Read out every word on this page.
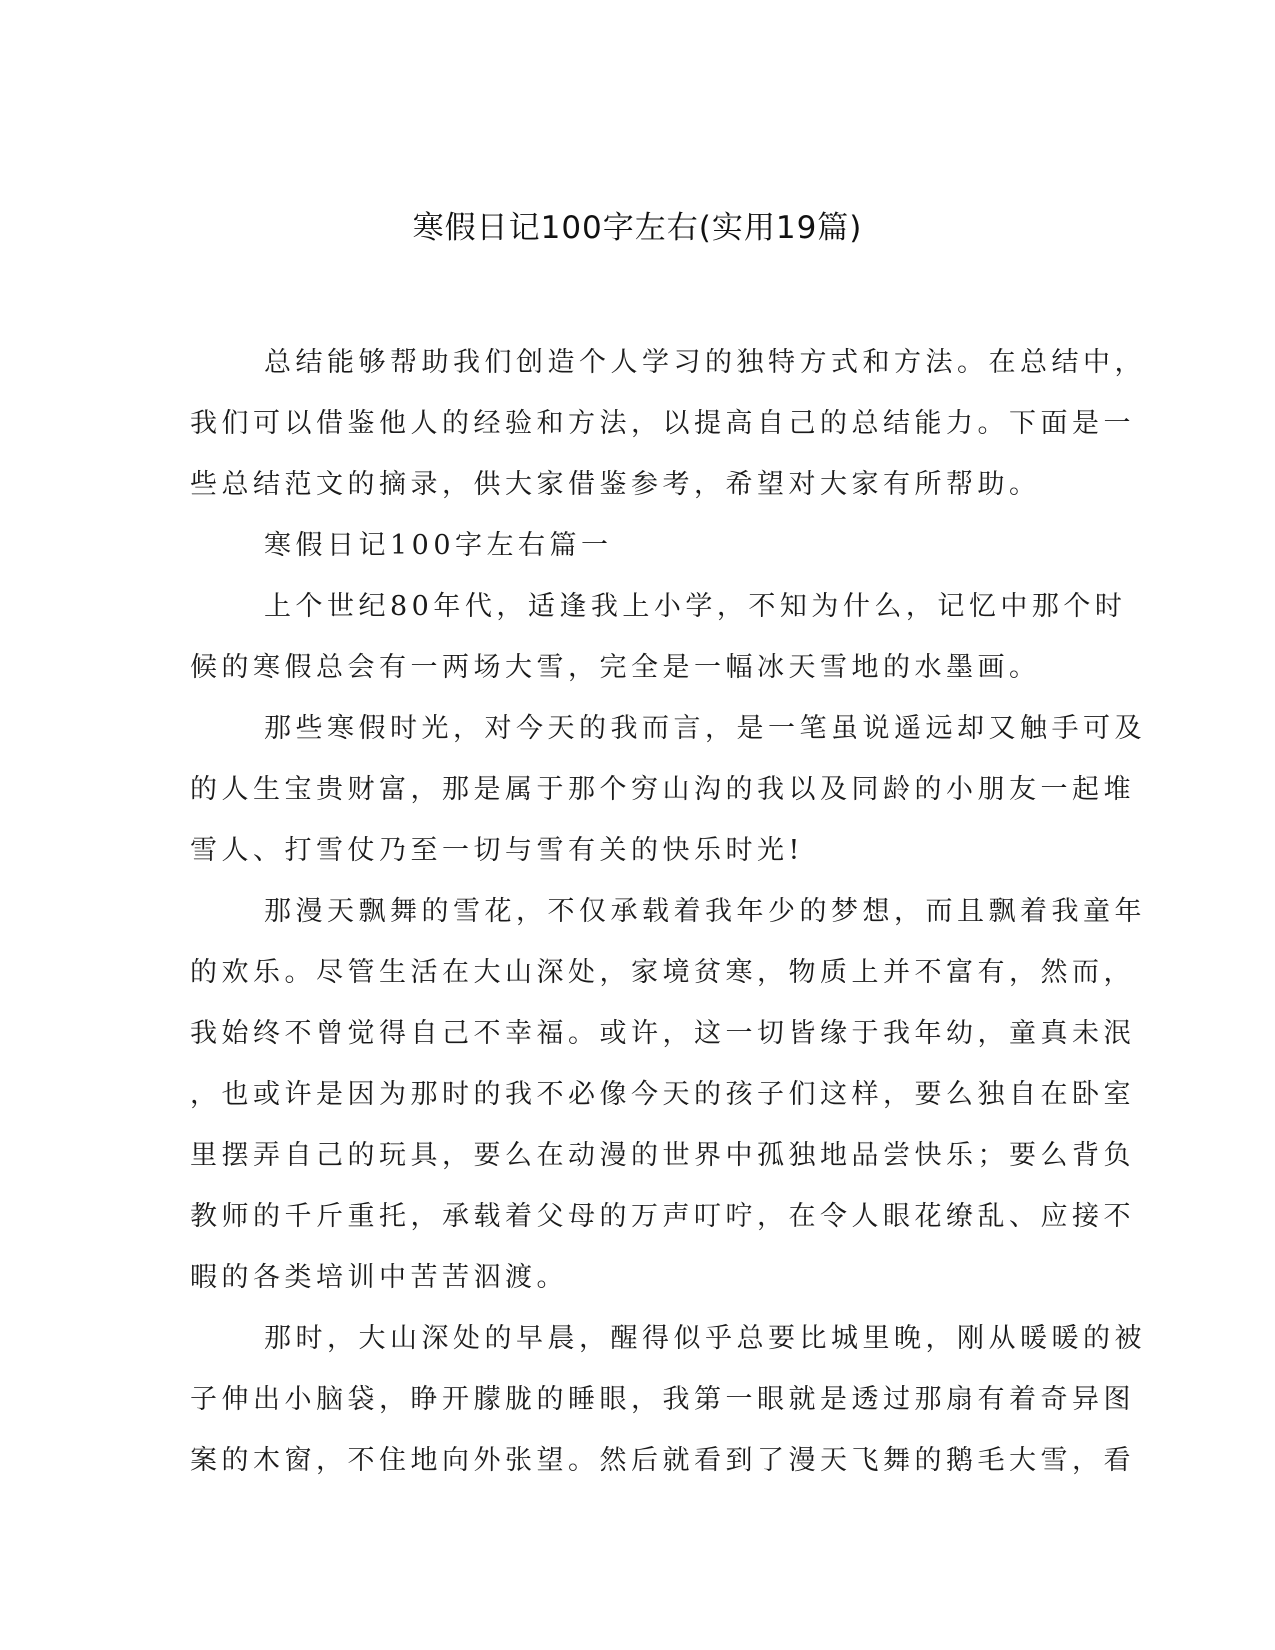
寒假日记100字左右(实用19篇)

总结能够帮助我们创造个人学习的独特方式和方法。在总结中，
我们可以借鉴他人的经验和方法，以提高自己的总结能力。下面是一
些总结范文的摘录，供大家借鉴参考，希望对大家有所帮助。

寒假日记100字左右篇一

上个世纪80年代，适逢我上小学，不知为什么，记忆中那个时
候的寒假总会有一两场大雪，完全是一幅冰天雪地的水墨画。

那些寒假时光，对今天的我而言，是一笔虽说遥远却又触手可及
的人生宝贵财富，那是属于那个穷山沟的我以及同龄的小朋友一起堆
雪人、打雪仗乃至一切与雪有关的快乐时光!

那漫天飘舞的雪花，不仅承载着我年少的梦想，而且飘着我童年
的欢乐。尽管生活在大山深处，家境贫寒，物质上并不富有，然而，
我始终不曾觉得自己不幸福。或许，这一切皆缘于我年幼，童真未泯
，也或许是因为那时的我不必像今天的孩子们这样，要么独自在卧室
里摆弄自己的玩具，要么在动漫的世界中孤独地品尝快乐；要么背负
教师的千斤重托，承载着父母的万声叮咛，在令人眼花缭乱、应接不
暇的各类培训中苦苦泅渡。

那时，大山深处的早晨，醒得似乎总要比城里晚，刚从暖暖的被
子伸出小脑袋，睁开朦胧的睡眼，我第一眼就是透过那扇有着奇异图
案的木窗，不住地向外张望。然后就看到了漫天飞舞的鹅毛大雪，看
